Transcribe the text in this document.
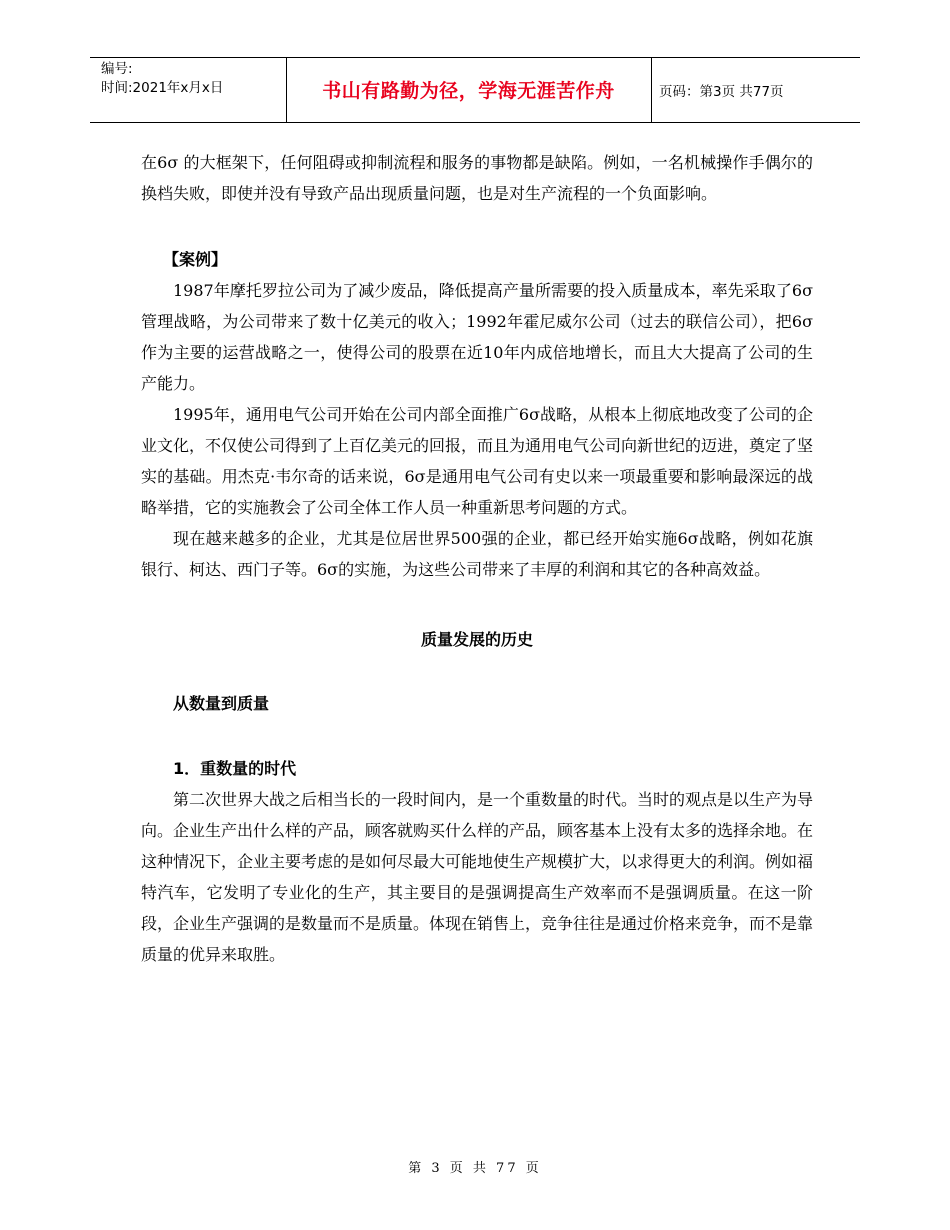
编号:
时间:2021年x月x日	书山有路勤为径，学海无涯苦作舟	页码：第3页 共77页

在6σ 的大框架下，任何阻碍或抑制流程和服务的事物都是缺陷。例如，一名机械操作手偶尔的换档失败，即使并没有导致产品出现质量问题，也是对生产流程的一个负面影响。

【案例】

1987年摩托罗拉公司为了减少废品，降低提高产量所需要的投入质量成本，率先采取了6σ管理战略，为公司带来了数十亿美元的收入；1992年霍尼威尔公司（过去的联信公司），把6σ作为主要的运营战略之一，使得公司的股票在近10年内成倍地增长，而且大大提高了公司的生产能力。

1995年，通用电气公司开始在公司内部全面推广6σ战略，从根本上彻底地改变了公司的企业文化，不仅使公司得到了上百亿美元的回报，而且为通用电气公司向新世纪的迈进，奠定了坚实的基础。用杰克·韦尔奇的话来说，6σ是通用电气公司有史以来一项最重要和影响最深远的战略举措，它的实施教会了公司全体工作人员一种重新思考问题的方式。

现在越来越多的企业，尤其是位居世界500强的企业，都已经开始实施6σ战略，例如花旗银行、柯达、西门子等。6σ的实施，为这些公司带来了丰厚的利润和其它的各种高效益。

质量发展的历史

从数量到质量

1．重数量的时代

第二次世界大战之后相当长的一段时间内，是一个重数量的时代。当时的观点是以生产为导向。企业生产出什么样的产品，顾客就购买什么样的产品，顾客基本上没有太多的选择余地。在这种情况下，企业主要考虑的是如何尽最大可能地使生产规模扩大，以求得更大的利润。例如福特汽车，它发明了专业化的生产，其主要目的是强调提高生产效率而不是强调质量。在这一阶段，企业生产强调的是数量而不是质量。体现在销售上，竞争往往是通过价格来竞争，而不是靠质量的优异来取胜。

第 3 页 共 77 页
